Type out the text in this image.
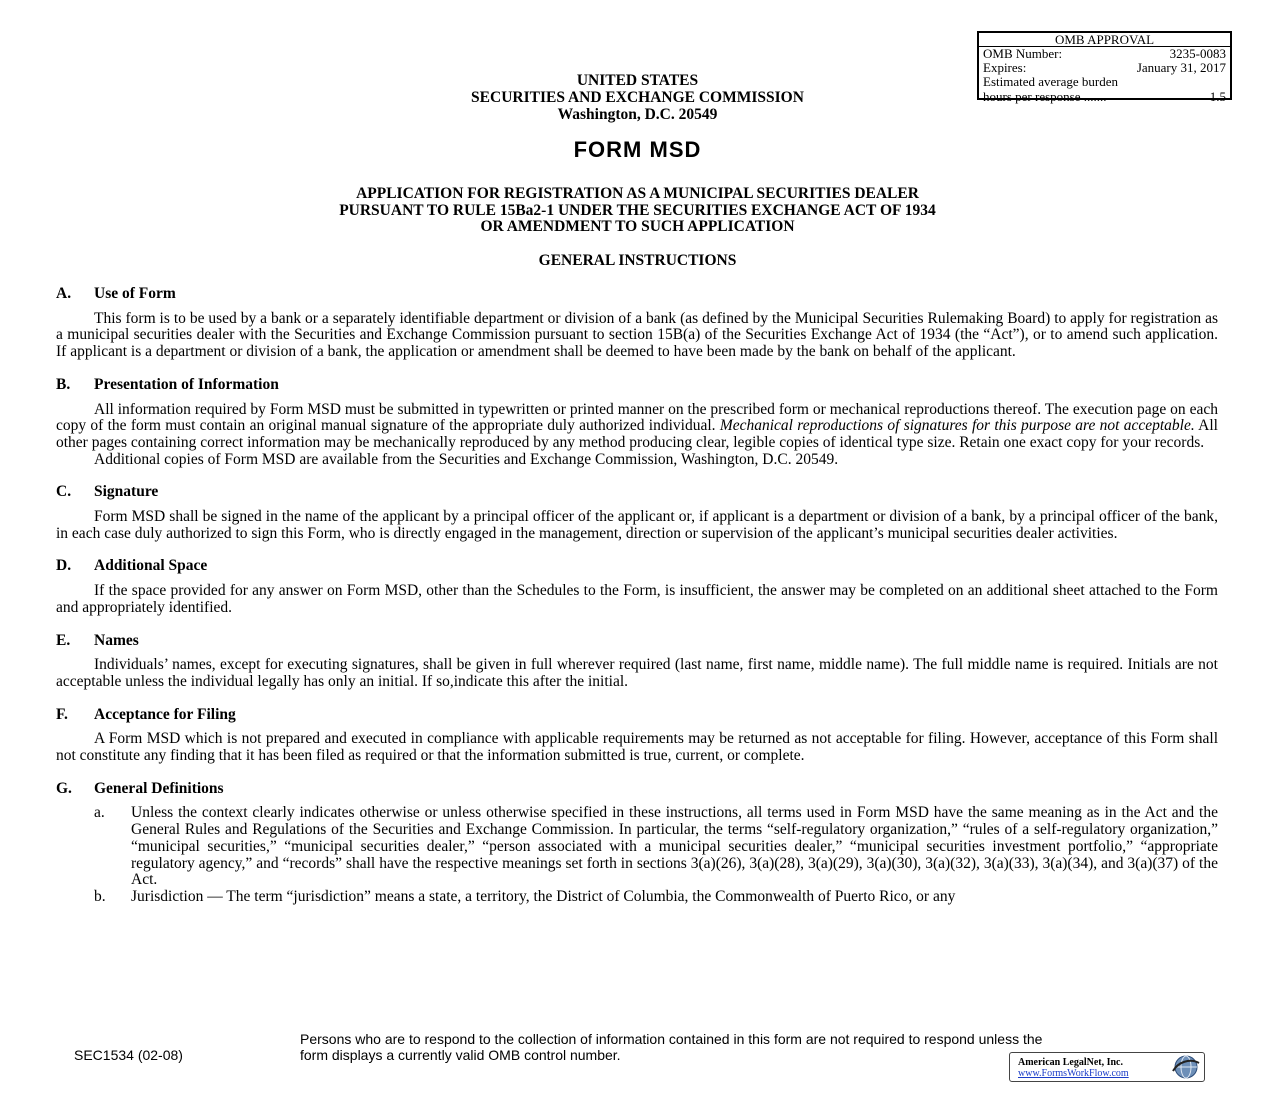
OMB APPROVAL
OMB Number:	3235-0083
Expires:	January 31, 2017
Estimated average burden
hours per response .......	1.5
UNITED STATES
SECURITIES AND EXCHANGE COMMISSION
Washington, D.C. 20549
FORM MSD
APPLICATION FOR REGISTRATION AS A MUNICIPAL SECURITIES DEALER
PURSUANT TO RULE 15Ba2-1 UNDER THE SECURITIES EXCHANGE ACT OF 1934
OR AMENDMENT TO SUCH APPLICATION
GENERAL INSTRUCTIONS
A. Use of Form

This form is to be used by a bank or a separately identifiable department or division of a bank (as defined by the Municipal Securities Rulemaking Board) to apply for registration as a municipal securities dealer with the Securities and Exchange Commission pursuant to section 15B(a) of the Securities Exchange Act of 1934 (the “Act”), or to amend such application. If applicant is a department or division of a bank, the application or amendment shall be deemed to have been made by the bank on behalf of the applicant.

B. Presentation of Information

All information required by Form MSD must be submitted in typewritten or printed manner on the prescribed form or mechanical reproductions thereof. The execution page on each copy of the form must contain an original manual signature of the appropriate duly authorized individual. Mechanical reproductions of signatures for this purpose are not acceptable. All other pages containing correct information may be mechanically reproduced by any method producing clear, legible copies of identical type size. Retain one exact copy for your records.

Additional copies of Form MSD are available from the Securities and Exchange Commission, Washington, D.C. 20549.

C. Signature

Form MSD shall be signed in the name of the applicant by a principal officer of the applicant or, if applicant is a department or division of a bank, by a principal officer of the bank, in each case duly authorized to sign this Form, who is directly engaged in the management, direction or supervision of the applicant’s municipal securities dealer activities.

D. Additional Space

If the space provided for any answer on Form MSD, other than the Schedules to the Form, is insufficient, the answer may be completed on an additional sheet attached to the Form and appropriately identified.

E. Names

Individuals’ names, except for executing signatures, shall be given in full wherever required (last name, first name, middle name). The full middle name is required. Initials are not acceptable unless the individual legally has only an initial. If so,indicate this after the initial.

F. Acceptance for Filing

A Form MSD which is not prepared and executed in compliance with applicable requirements may be returned as not acceptable for filing. However, acceptance of this Form shall not constitute any finding that it has been filed as required or that the information submitted is true, current, or complete.

G. General Definitions
a.	Unless the context clearly indicates otherwise or unless otherwise specified in these instructions, all terms used in Form MSD have the same meaning as in the Act and the General Rules and Regulations of the Securities and Exchange Commission. In particular, the terms “self-regulatory organization,” “rules of a self-regulatory organization,” “municipal securities,” “municipal securities dealer,” “person associated with a municipal securities dealer,” “municipal securities investment portfolio,” “appropriate regulatory agency,” and “records” shall have the respective meanings set forth in sections 3(a)(26), 3(a)(28), 3(a)(29), 3(a)(30), 3(a)(32), 3(a)(33), 3(a)(34), and 3(a)(37) of the Act.
b.	Jurisdiction — The term “jurisdiction” means a state, a territory, the District of Columbia, the Commonwealth of Puerto Rico, or any
SEC1534 (02-08)
Persons who are to respond to the collection of information contained in this form are not required to respond unless the form displays a currently valid OMB control number.	American LegalNet, Inc.
www.FormsWorkFlow.com
